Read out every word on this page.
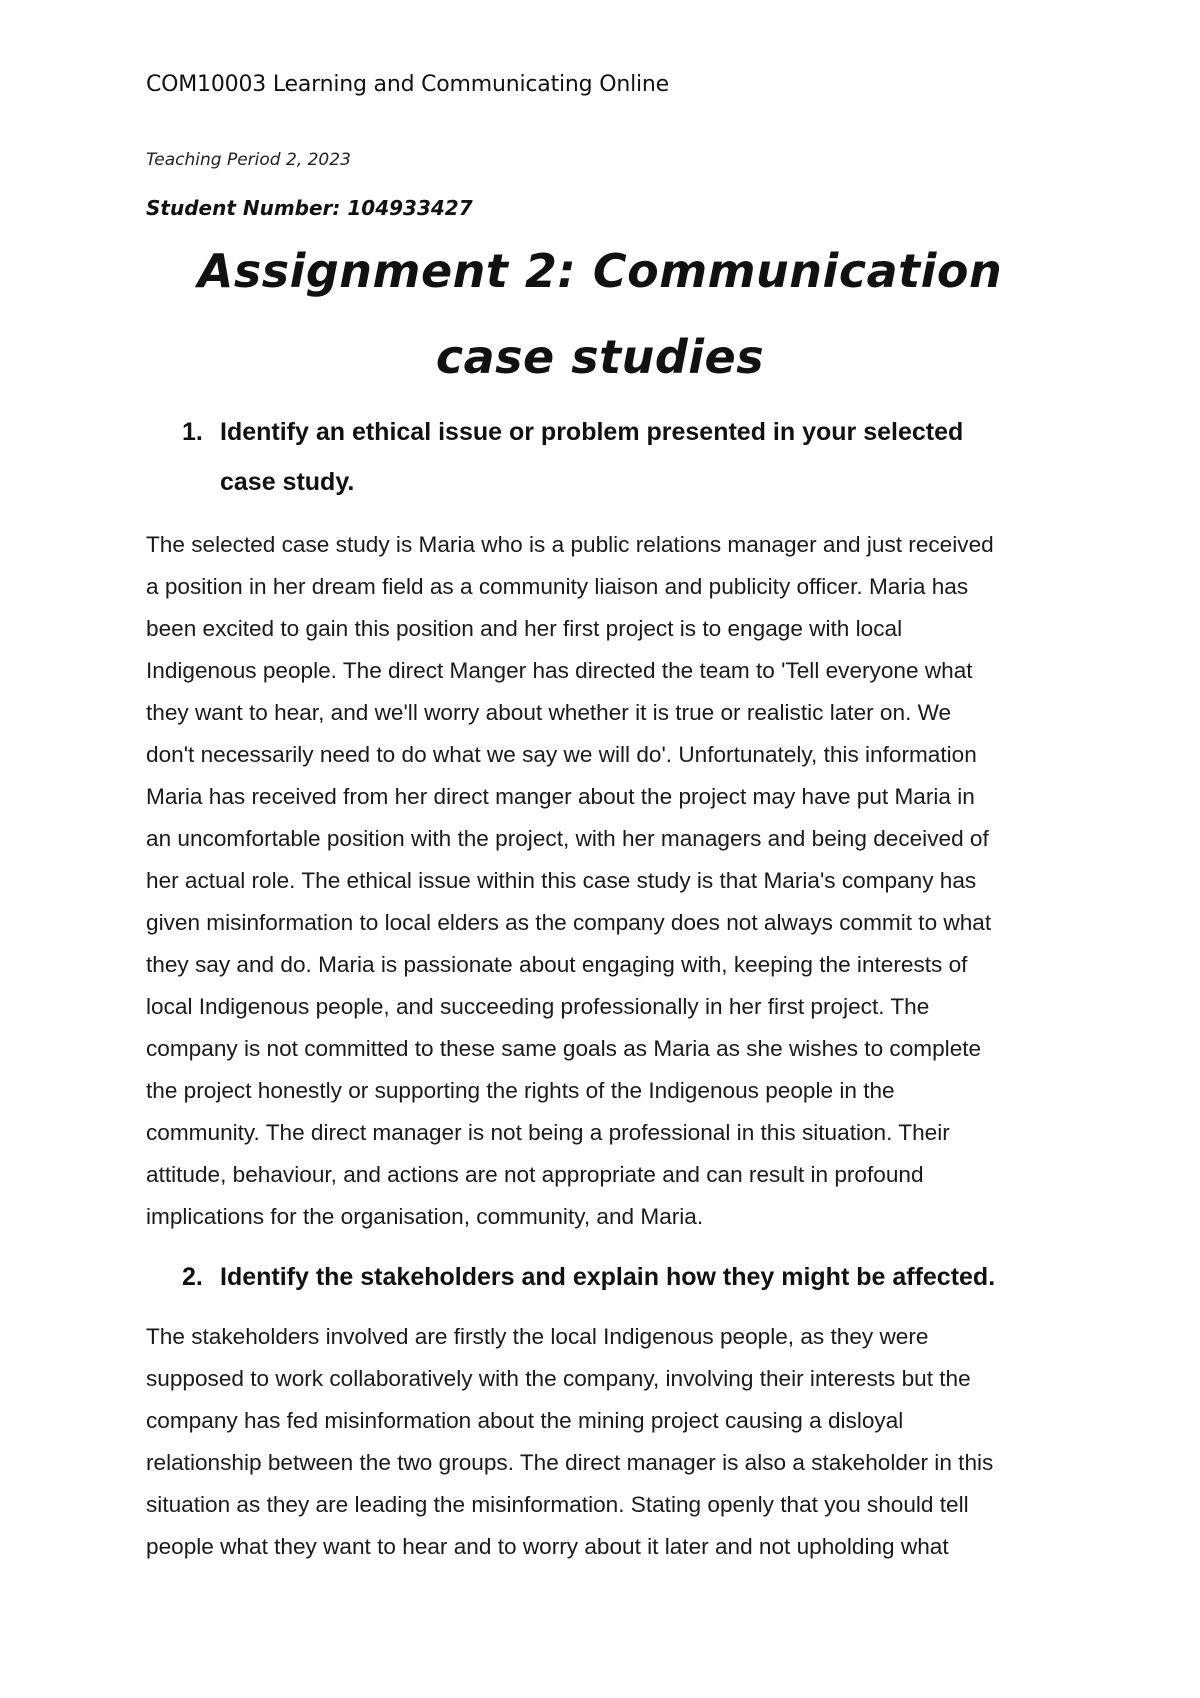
COM10003 Learning and Communicating Online
Teaching Period 2, 2023
Student Number: 104933427
Assignment 2: Communication
case studies
1. Identify an ethical issue or problem presented in your selected
case study.
The selected case study is Maria who is a public relations manager and just received
a position in her dream field as a community liaison and publicity officer. Maria has
been excited to gain this position and her first project is to engage with local
Indigenous people. The direct Manger has directed the team to 'Tell everyone what
they want to hear, and we'll worry about whether it is true or realistic later on. We
don't necessarily need to do what we say we will do'. Unfortunately, this information
Maria has received from her direct manger about the project may have put Maria in
an uncomfortable position with the project, with her managers and being deceived of
her actual role. The ethical issue within this case study is that Maria's company has
given misinformation to local elders as the company does not always commit to what
they say and do. Maria is passionate about engaging with, keeping the interests of
local Indigenous people, and succeeding professionally in her first project. The
company is not committed to these same goals as Maria as she wishes to complete
the project honestly or supporting the rights of the Indigenous people in the
community. The direct manager is not being a professional in this situation. Their
attitude, behaviour, and actions are not appropriate and can result in profound
implications for the organisation, community, and Maria.
2. Identify the stakeholders and explain how they might be affected.
The stakeholders involved are firstly the local Indigenous people, as they were
supposed to work collaboratively with the company, involving their interests but the
company has fed misinformation about the mining project causing a disloyal
relationship between the two groups. The direct manager is also a stakeholder in this
situation as they are leading the misinformation. Stating openly that you should tell
people what they want to hear and to worry about it later and not upholding what
